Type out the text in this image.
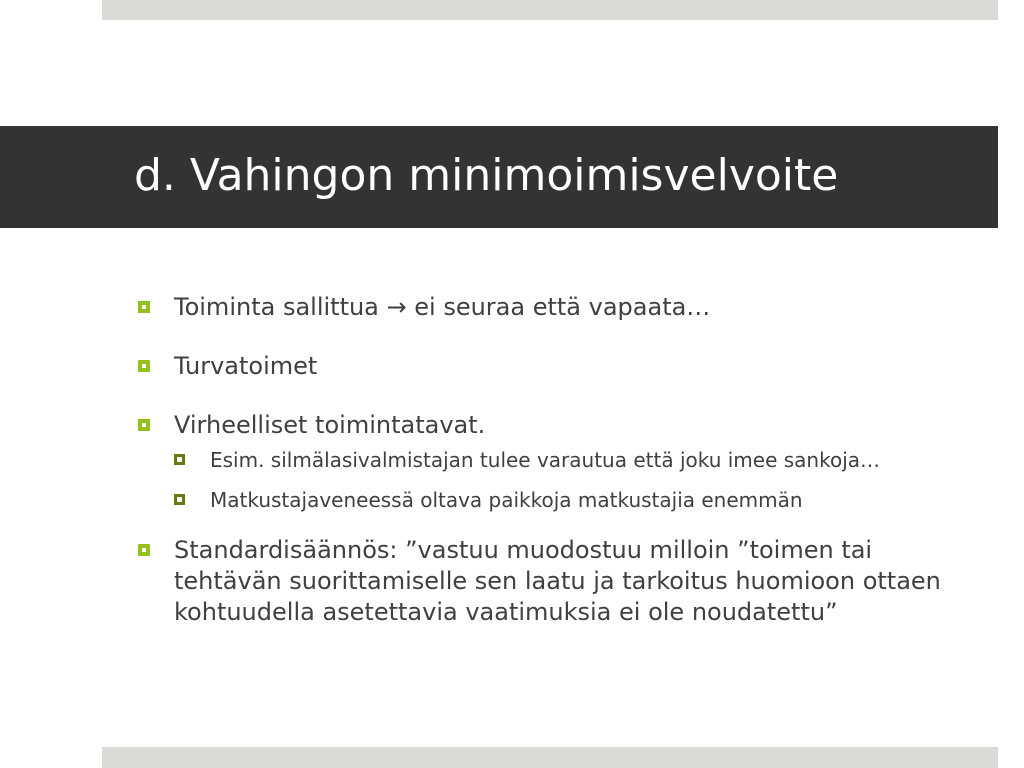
d. Vahingon minimoimisvelvoite
Toiminta sallittua → ei seuraa että vapaata…
Turvatoimet
Virheelliset toimintatavat.
Esim. silmälasivalmistajan tulee varautua että joku imee sankoja…
Matkustajaveneessä oltava paikkoja matkustajia enemmän
Standardisäännös: ”vastuu muodostuu milloin ”toimen tai tehtävän suorittamiselle sen laatu ja tarkoitus huomioon ottaen kohtuudella asetettavia vaatimuksia ei ole noudatettu”
